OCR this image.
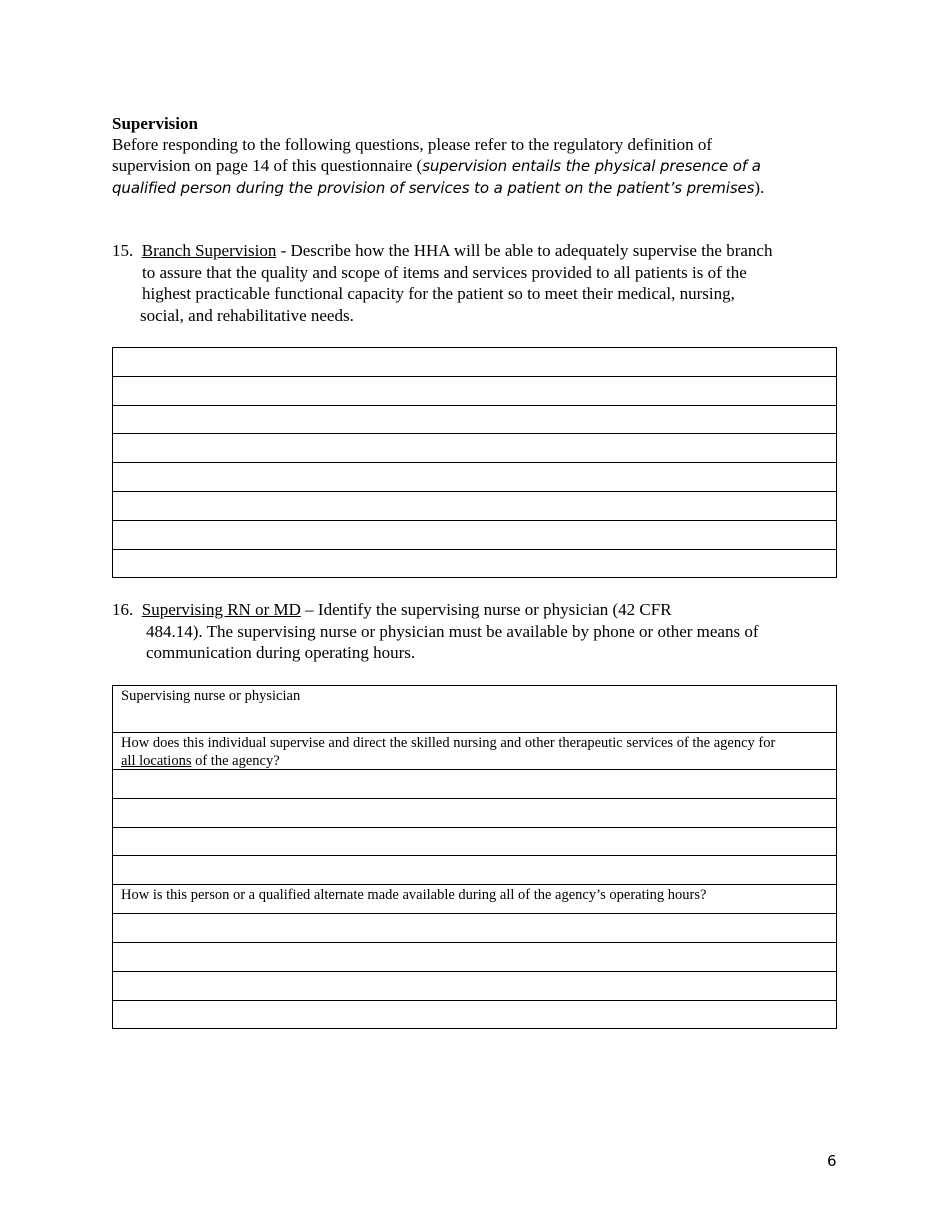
Supervision
Before responding to the following questions, please refer to the regulatory definition of
supervision on page 14 of this questionnaire (supervision entails the physical presence of a
qualified person during the provision of services to a patient on the patient’s premises).
15. Branch Supervision - Describe how the HHA will be able to adequately supervise the branch
to assure that the quality and scope of items and services provided to all patients is of the
highest practicable functional capacity for the patient so to meet their medical, nursing,
social, and rehabilitative needs.
16. Supervising RN or MD – Identify the supervising nurse or physician (42 CFR
484.14). The supervising nurse or physician must be available by phone or other means of
communication during operating hours.
Supervising nurse or physician
How does this individual supervise and direct the skilled nursing and other therapeutic services of the agency for
all locations of the agency?
How is this person or a qualified alternate made available during all of the agency’s operating hours?
6
